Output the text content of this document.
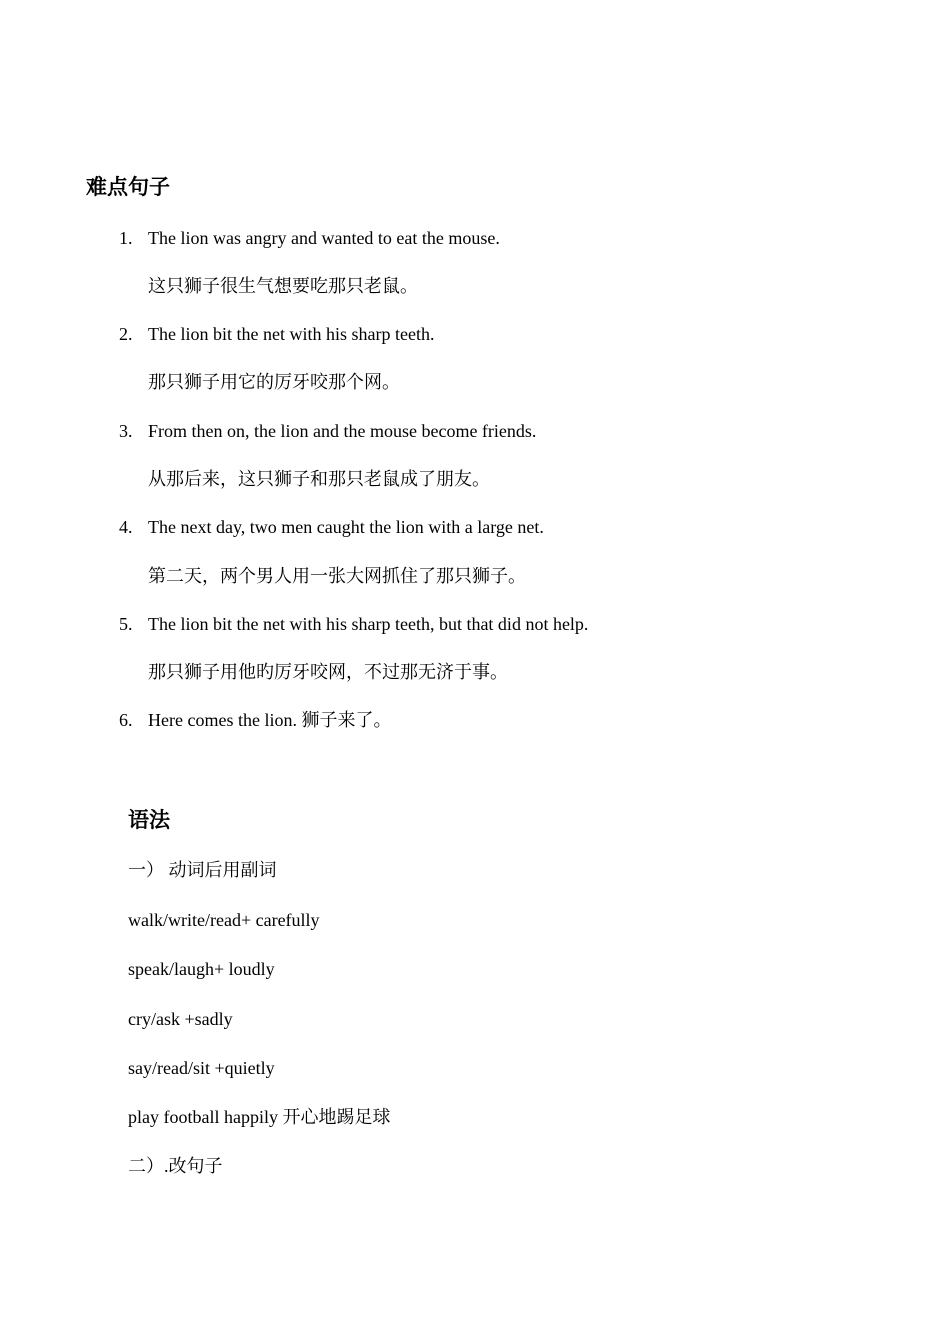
难点句子
1. The lion was angry and wanted to eat the mouse.
这只狮子很生气想要吃那只老鼠。
2. The lion bit the net with his sharp teeth.
那只狮子用它的厉牙咬那个网。
3. From then on, the lion and the mouse become friends.
从那后来，这只狮子和那只老鼠成了朋友。
4. The next day, two men caught the lion with a large net.
第二天，两个男人用一张大网抓住了那只狮子。
5. The lion bit the net with his sharp teeth, but that did not help.
那只狮子用他旳厉牙咬网，不过那无济于事。
6. Here comes the lion. 狮子来了。
语法
一） 动词后用副词
walk/write/read+ carefully
speak/laugh+ loudly
cry/ask +sadly
say/read/sit +quietly
play football happily 开心地踢足球
二）.改句子
